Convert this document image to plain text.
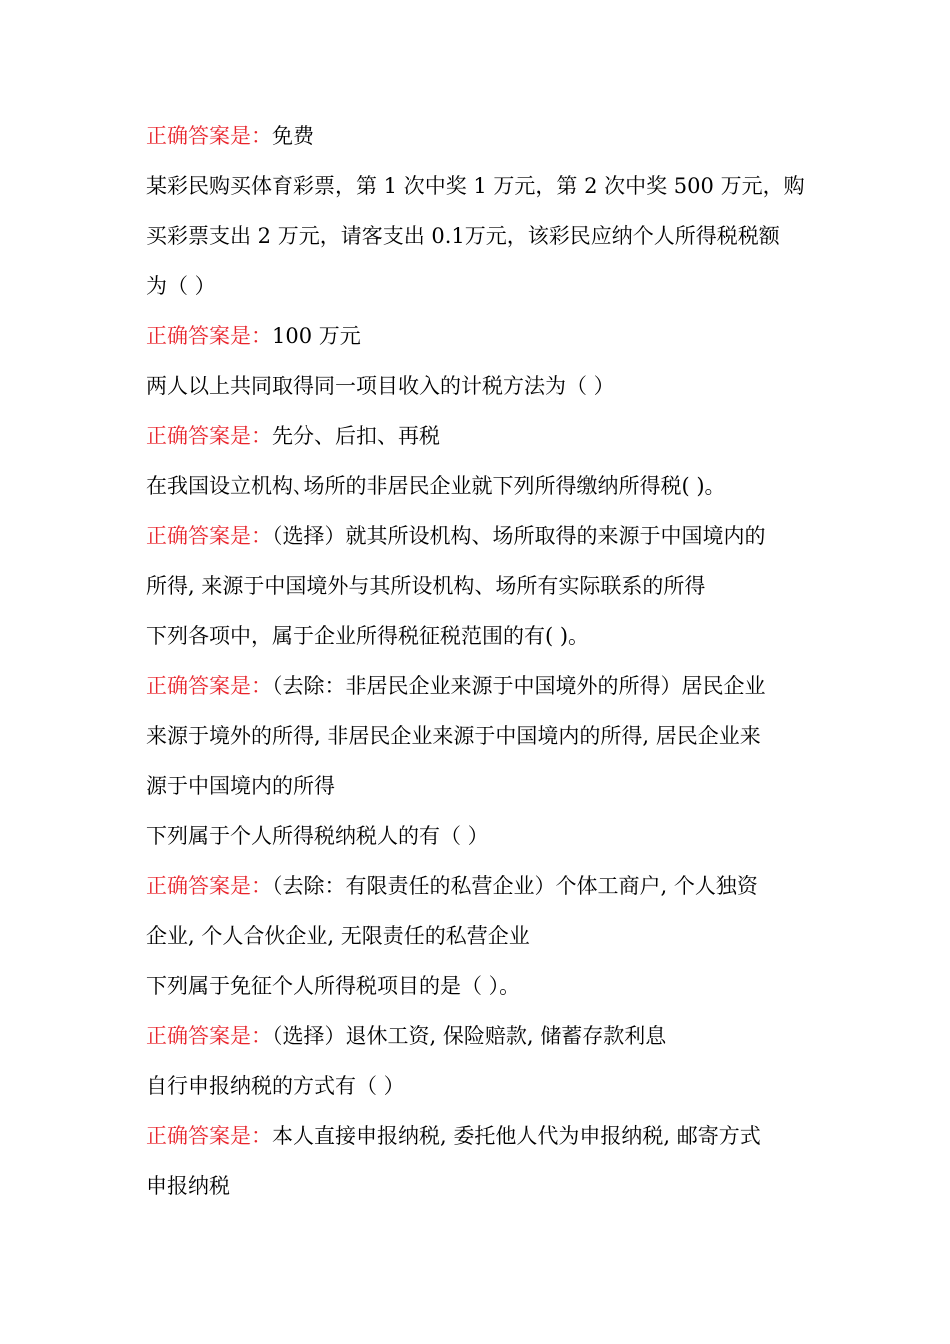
正确答案是：免费
某彩民购买体育彩票，第 1 次中奖 1 万元，第 2 次中奖 500 万元，购
买彩票支出 2 万元，请客支出 0.1万元，该彩民应纳个人所得税税额
为（ ）
正确答案是：100 万元
两人以上共同取得同一项目收入的计税方法为（ ）
正确答案是：先分、后扣、再税
在我国设立机构､场所的非居民企业就下列所得缴纳所得税( )｡
正确答案是：（选择）就其所设机构、场所取得的来源于中国境内的
所得, 来源于中国境外与其所设机构、场所有实际联系的所得
下列各项中，属于企业所得税征税范围的有( )｡
正确答案是：（去除：非居民企业来源于中国境外的所得）居民企业
来源于境外的所得, 非居民企业来源于中国境内的所得, 居民企业来
源于中国境内的所得
下列属于个人所得税纳税人的有（ ）
正确答案是：（去除：有限责任的私营企业）个体工商户, 个人独资
企业, 个人合伙企业, 无限责任的私营企业
下列属于免征个人所得税项目的是（ ）。
正确答案是：（选择）退休工资, 保险赔款, 储蓄存款利息
自行申报纳税的方式有（ ）
正确答案是：本人直接申报纳税, 委托他人代为申报纳税, 邮寄方式
申报纳税
